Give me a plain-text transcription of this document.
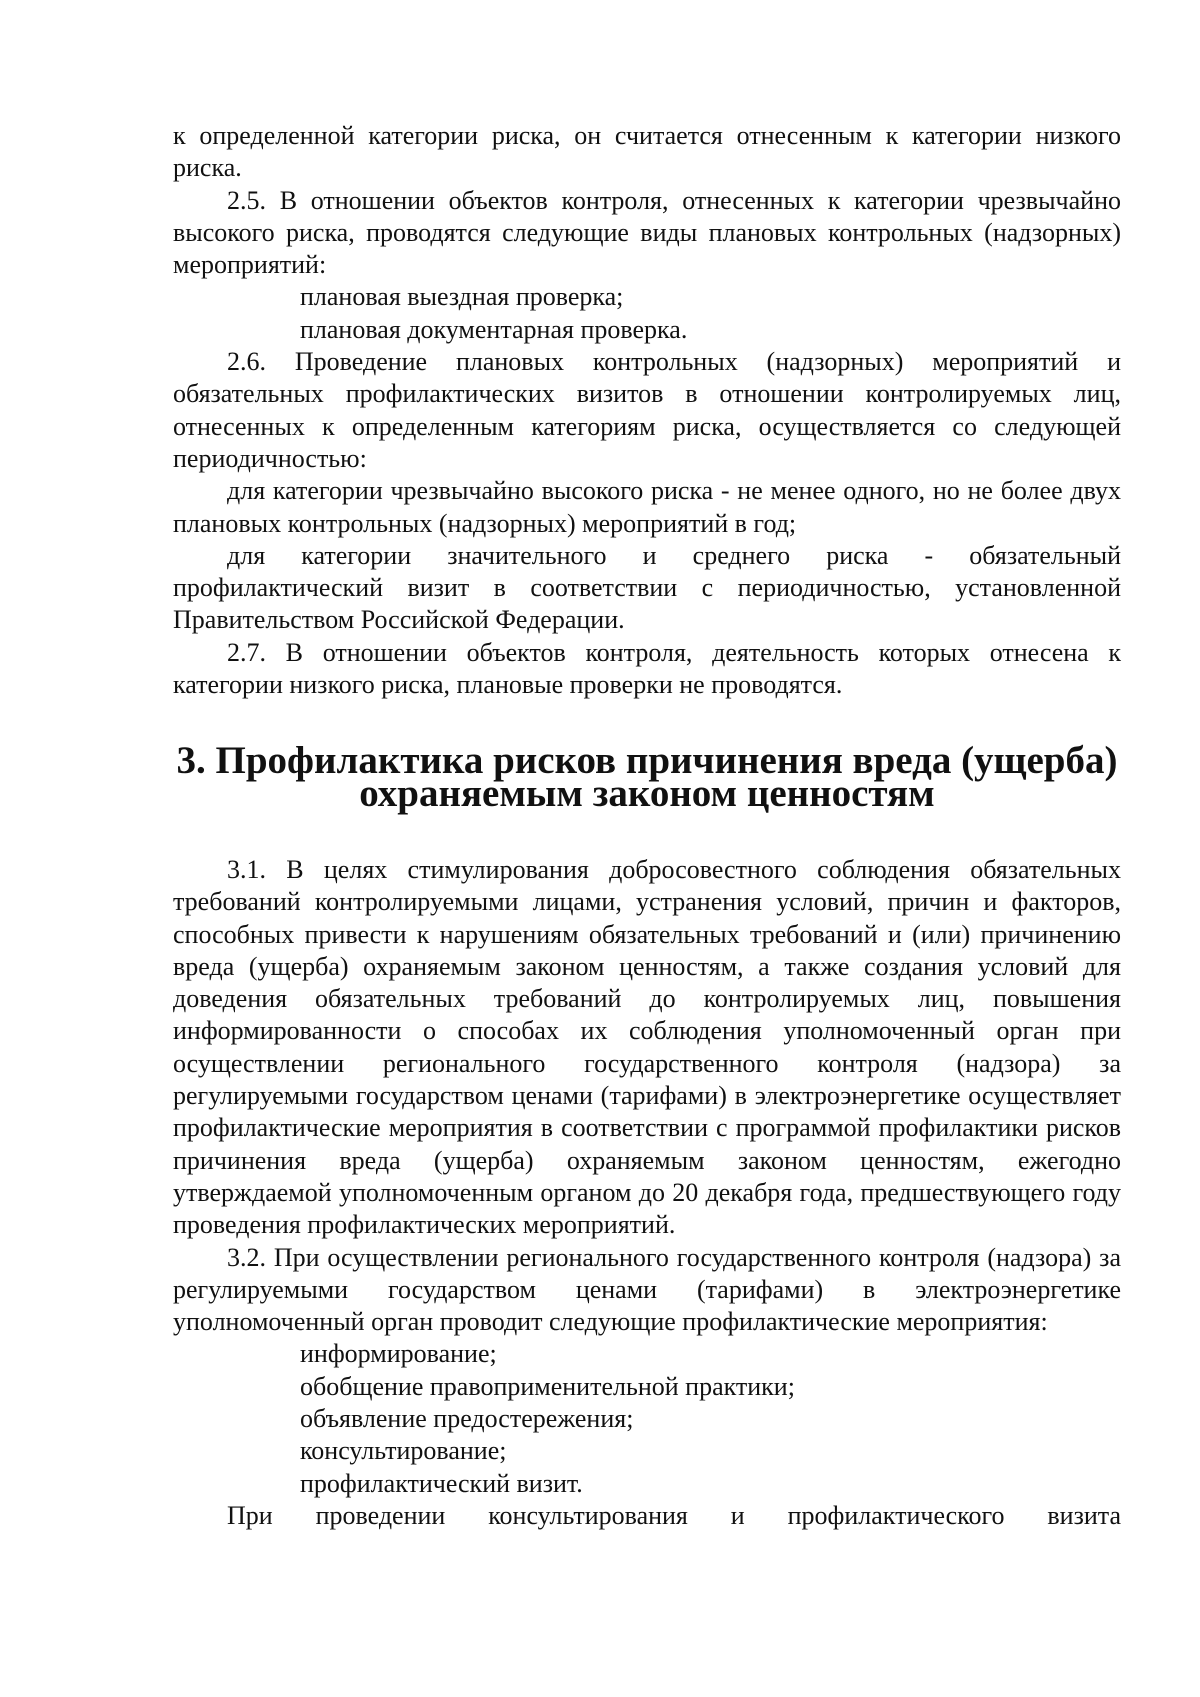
к определенной категории риска, он считается отнесенным к категории низкого риска.

2.5. В отношении объектов контроля, отнесенных к категории чрезвычайно высокого риска, проводятся следующие виды плановых контрольных (надзорных) мероприятий:

плановая выездная проверка;
плановая документарная проверка.

2.6. Проведение плановых контрольных (надзорных) мероприятий и обязательных профилактических визитов в отношении контролируемых лиц, отнесенных к определенным категориям риска, осуществляется со следующей периодичностью:

для категории чрезвычайно высокого риска - не менее одного, но не более двух плановых контрольных (надзорных) мероприятий в год;

для категории значительного и среднего риска - обязательный профилактический визит в соответствии с периодичностью, установленной Правительством Российской Федерации.

2.7. В отношении объектов контроля, деятельность которых отнесена к категории низкого риска, плановые проверки не проводятся.

3. Профилактика рисков причинения вреда (ущерба)
охраняемым законом ценностям

3.1. В целях стимулирования добросовестного соблюдения обязательных требований контролируемыми лицами, устранения условий, причин и факторов, способных привести к нарушениям обязательных требований и (или) причинению вреда (ущерба) охраняемым законом ценностям, а также создания условий для доведения обязательных требований до контролируемых лиц, повышения информированности о способах их соблюдения уполномоченный орган при осуществлении регионального государственного контроля (надзора) за регулируемыми государством ценами (тарифами) в электроэнергетике осуществляет профилактические мероприятия в соответствии с программой профилактики рисков причинения вреда (ущерба) охраняемым законом ценностям, ежегодно утверждаемой уполномоченным органом до 20 декабря года, предшествующего году проведения профилактических мероприятий.

3.2. При осуществлении регионального государственного контроля (надзора) за регулируемыми государством ценами (тарифами) в электроэнергетике уполномоченный орган проводит следующие профилактические мероприятия:

информирование;
обобщение правоприменительной практики;
объявление предостережения;
консультирование;
профилактический визит.

При проведении консультирования и профилактического визита
